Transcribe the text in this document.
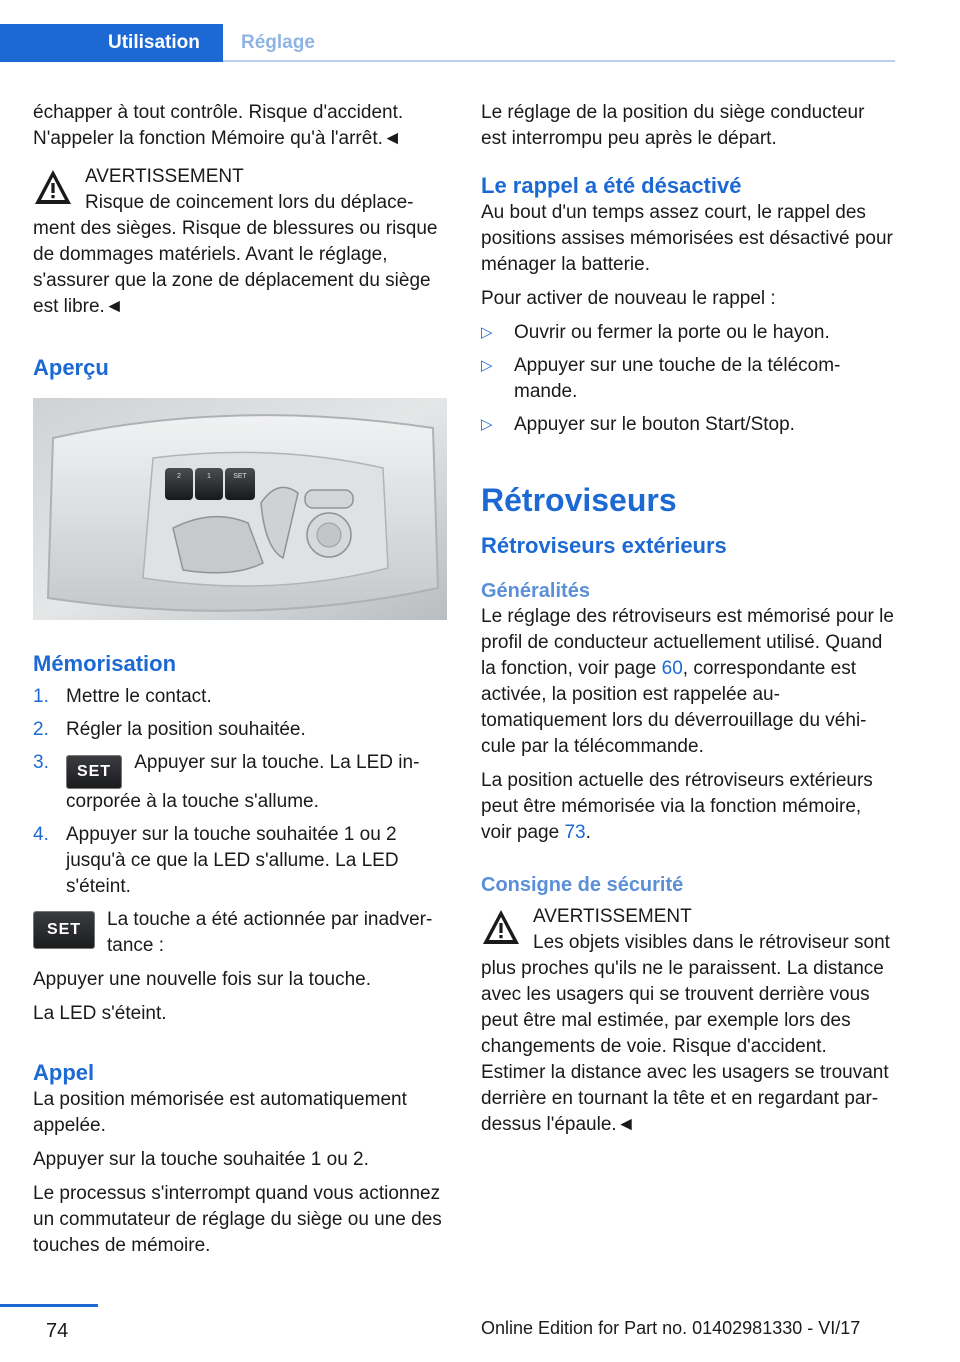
Utilisation	Réglage

échapper à tout contrôle. Risque d'accident.
N'appeler la fonction Mémoire qu'à l'arrêt.◄

AVERTISSEMENT
Risque de coincement lors du déplacement des sièges. Risque de blessures ou risque de dommages matériels. Avant le réglage, s'assurer que la zone de déplacement du siège est libre.◄
Aperçu
2	1	SET
Mémorisation
1. Mettre le contact.
2. Régler la position souhaitée.
3. SET Appuyer sur la touche. La LED incorporée à la touche s'allume.
4. Appuyer sur la touche souhaitée 1 ou 2 jusqu'à ce que la LED s'allume. La LED s'éteint.
SET	La touche a été actionnée par inadvertance :

Appuyer une nouvelle fois sur la touche.

La LED s'éteint.

Appel

La position mémorisée est automatiquement appelée.

Appuyer sur la touche souhaitée 1 ou 2.

Le processus s'interrompt quand vous actionnez un commutateur de réglage du siège ou une des touches de mémoire.

Le réglage de la position du siège conducteur est interrompu peu après le départ.

Le rappel a été désactivé

Au bout d'un temps assez court, le rappel des positions assises mémorisées est désactivé pour ménager la batterie.

Pour activer de nouveau le rappel :

▷ Ouvrir ou fermer la porte ou le hayon.
▷ Appuyer sur une touche de la télécommande.
▷ Appuyer sur le bouton Start/Stop.
Rétroviseurs
Rétroviseurs extérieurs
Généralités

Le réglage des rétroviseurs est mémorisé pour le profil de conducteur actuellement utilisé. Quand la fonction, voir page 60, correspondante est activée, la position est rappelée automatiquement lors du déverrouillage du véhicule par la télécommande.

La position actuelle des rétroviseurs extérieurs peut être mémorisée via la fonction mémoire, voir page 73.

Consigne de sécurité
AVERTISSEMENT
Les objets visibles dans le rétroviseur sont plus proches qu'ils ne le paraissent. La distance avec les usagers qui se trouvent derrière vous peut être mal estimée, par exemple lors des changements de voie. Risque d'accident. Estimer la distance avec les usagers se trouvant derrière en tournant la tête et en regardant par-dessus l'épaule.◄
74	Online Edition for Part no. 01402981330 - VI/17
